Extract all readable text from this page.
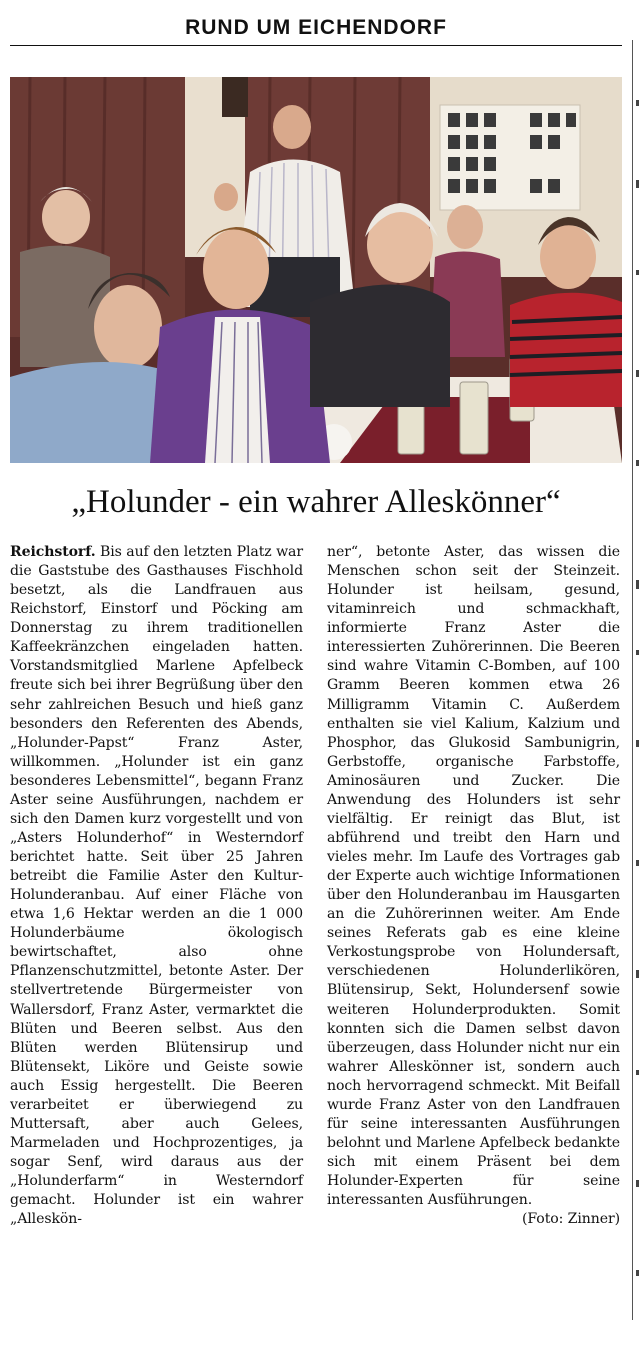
RUND UM EICHENDORF
„Holunder - ein wahrer Alleskönner“
Reichstorf. Bis auf den letzten Platz war die Gaststube des Gasthauses Fischhold besetzt, als die Landfrauen aus Reichstorf, Einstorf und Pöcking am Donnerstag zu ihrem traditionellen Kaffeekränzchen eingeladen hatten. Vorstandsmitglied Marlene Apfelbeck freute sich bei ihrer Begrüßung über den sehr zahlreichen Besuch und hieß ganz besonders den Referenten des Abends, „Holunder-Papst“ Franz Aster, willkommen. „Holunder ist ein ganz besonderes Lebensmittel“, begann Franz Aster seine Ausführungen, nachdem er sich den Damen kurz vorgestellt und von „Asters Holunderhof“ in Westerndorf berichtet hatte. Seit über 25 Jahren betreibt die Familie Aster den Kultur-Holunderanbau. Auf einer Fläche von etwa 1,6 Hektar werden an die 1 000 Holunderbäume ökologisch bewirtschaftet, also ohne Pflanzenschutzmittel, betonte Aster. Der stellvertretende Bürgermeister von Wallersdorf, Franz Aster, vermarktet die Blüten und Beeren selbst. Aus den Blüten werden Blütensirup und Blütensekt, Liköre und Geiste sowie auch Essig hergestellt. Die Beeren verarbeitet er überwiegend zu Muttersaft, aber auch Gelees, Marmeladen und Hochprozentiges, ja sogar Senf, wird daraus aus der „Holunderfarm“ in Westerndorf gemacht. Holunder ist ein wahrer „Alleskön-
ner“, betonte Aster, das wissen die Menschen schon seit der Steinzeit. Holunder ist heilsam, gesund, vitaminreich und schmackhaft, informierte Franz Aster die interessierten Zuhörerinnen. Die Beeren sind wahre Vitamin C-Bomben, auf 100 Gramm Beeren kommen etwa 26 Milligramm Vitamin C. Außerdem enthalten sie viel Kalium, Kalzium und Phosphor, das Glukosid Sambunigrin, Gerbstoffe, organische Farbstoffe, Aminosäuren und Zucker. Die Anwendung des Holunders ist sehr vielfältig. Er reinigt das Blut, ist abführend und treibt den Harn und vieles mehr. Im Laufe des Vortrages gab der Experte auch wichtige Informationen über den Holunderanbau im Hausgarten an die Zuhörerinnen weiter. Am Ende seines Referats gab es eine kleine Verkostungsprobe von Holundersaft, verschiedenen Holunderlikören, Blütensirup, Sekt, Holundersenf sowie weiteren Holunderprodukten. Somit konnten sich die Damen selbst davon überzeugen, dass Holunder nicht nur ein wahrer Alleskönner ist, sondern auch noch hervorragend schmeckt. Mit Beifall wurde Franz Aster von den Landfrauen für seine interessanten Ausführungen belohnt und Marlene Apfelbeck bedankte sich mit einem Präsent bei dem Holunder-Experten für seine interessanten Ausführungen.
(Foto: Zinner)
